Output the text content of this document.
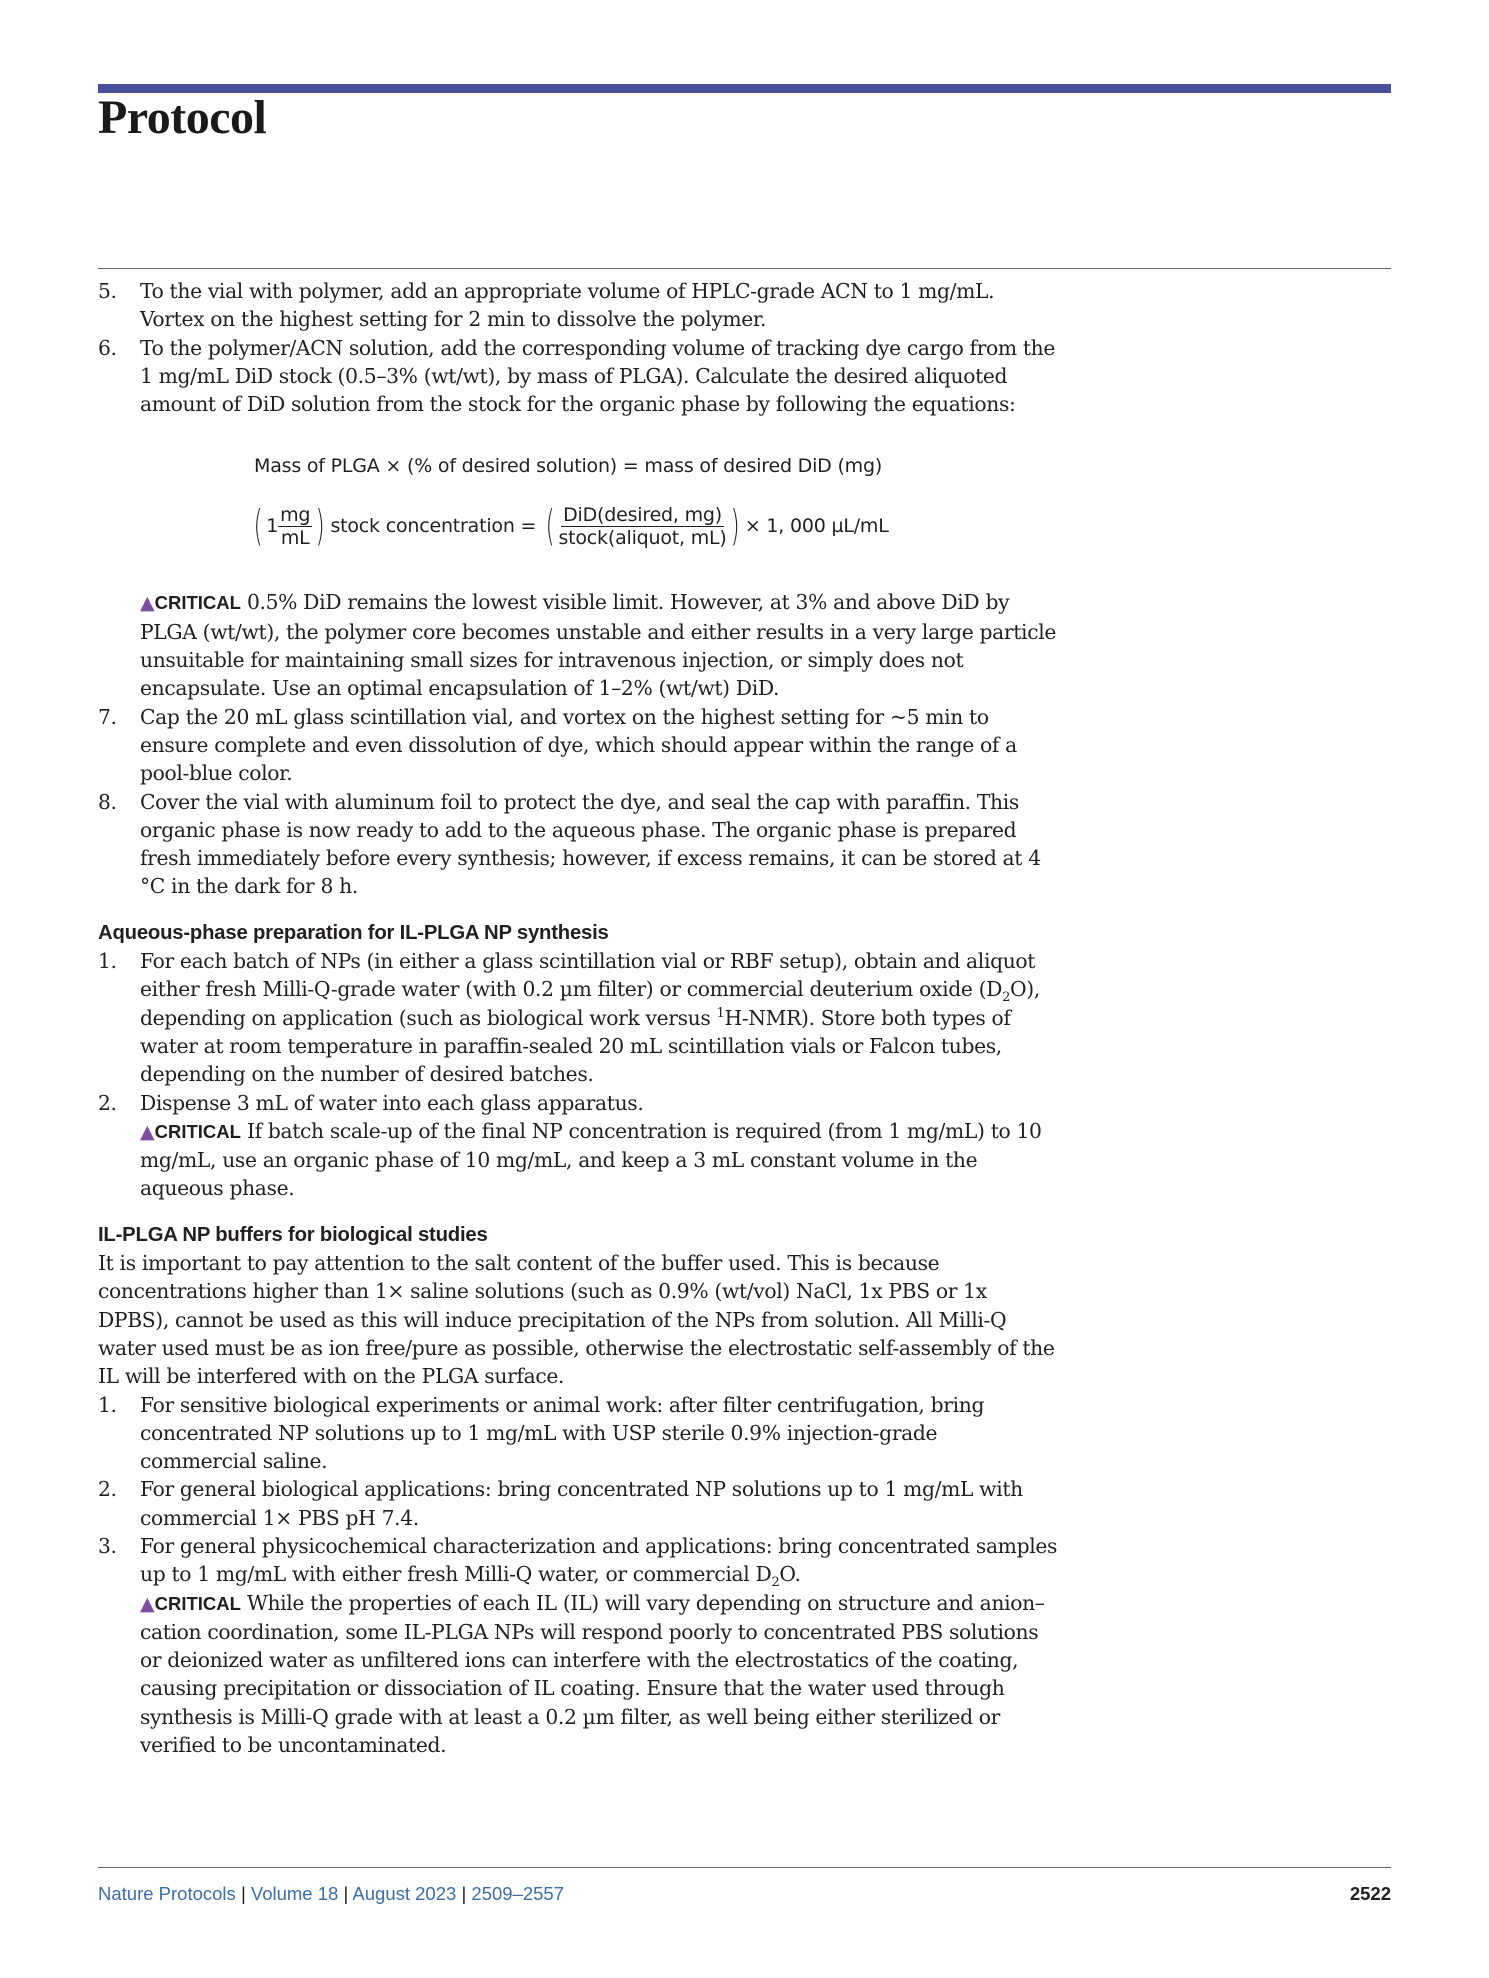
Protocol
5. To the vial with polymer, add an appropriate volume of HPLC-grade ACN to 1 mg/mL. Vortex on the highest setting for 2 min to dissolve the polymer.
6. To the polymer/ACN solution, add the corresponding volume of tracking dye cargo from the 1 mg/mL DiD stock (0.5–3% (wt/wt), by mass of PLGA). Calculate the desired aliquoted amount of DiD solution from the stock for the organic phase by following the equations:
Mass of PLGA × (% of desired solution) = mass of desired DiD (mg)
( $1 \frac{mg}{mL}$ ) stock concentration = ( $\frac{\text{DiD(desired, mg)}}{\text{stock(aliquot, mL)}}$ ) × 1, 000 µL/mL

▲CRITICAL 0.5% DiD remains the lowest visible limit. However, at 3% and above DiD by PLGA (wt/wt), the polymer core becomes unstable and either results in a very large particle unsuitable for maintaining small sizes for intravenous injection, or simply does not encapsulate. Use an optimal encapsulation of 1–2% (wt/wt) DiD.

7. Cap the 20 mL glass scintillation vial, and vortex on the highest setting for ~5 min to ensure complete and even dissolution of dye, which should appear within the range of a pool-blue color.
8. Cover the vial with aluminum foil to protect the dye, and seal the cap with paraffin. This organic phase is now ready to add to the aqueous phase. The organic phase is prepared fresh immediately before every synthesis; however, if excess remains, it can be stored at 4 °C in the dark for 8 h.
Aqueous-phase preparation for IL-PLGA NP synthesis
1. For each batch of NPs (in either a glass scintillation vial or RBF setup), obtain and aliquot either fresh Milli-Q-grade water (with 0.2 µm filter) or commercial deuterium oxide $(D_2O)$, depending on application (such as biological work versus $^1$H-NMR). Store both types of water at room temperature in paraffin-sealed 20 mL scintillation vials or Falcon tubes, depending on the number of desired batches.
2. Dispense 3 mL of water into each glass apparatus.
▲CRITICAL If batch scale-up of the final NP concentration is required (from 1 mg/mL) to 10 mg/mL, use an organic phase of 10 mg/mL, and keep a 3 mL constant volume in the aqueous phase.
IL-PLGA NP buffers for biological studies

It is important to pay attention to the salt content of the buffer used. This is because concentrations higher than 1× saline solutions (such as 0.9% (wt/vol) NaCl, 1x PBS or 1x DPBS), cannot be used as this will induce precipitation of the NPs from solution. All Milli-Q water used must be as ion free/pure as possible, otherwise the electrostatic self-assembly of the IL will be interfered with on the PLGA surface.

1. For sensitive biological experiments or animal work: after filter centrifugation, bring concentrated NP solutions up to 1 mg/mL with USP sterile 0.9% injection-grade commercial saline.
2. For general biological applications: bring concentrated NP solutions up to 1 mg/mL with commercial 1× PBS pH 7.4.
3. For general physicochemical characterization and applications: bring concentrated samples up to 1 mg/mL with either fresh Milli-Q water, or commercial $D_2O$.
▲CRITICAL While the properties of each IL (IL) will vary depending on structure and anion–cation coordination, some IL-PLGA NPs will respond poorly to concentrated PBS solutions or deionized water as unfiltered ions can interfere with the electrostatics of the coating, causing precipitation or dissociation of IL coating. Ensure that the water used through synthesis is Milli-Q grade with at least a 0.2 µm filter, as well being either sterilized or verified to be uncontaminated.
Nature Protocols | Volume 18 | August 2023 | 2509–2557	2522
